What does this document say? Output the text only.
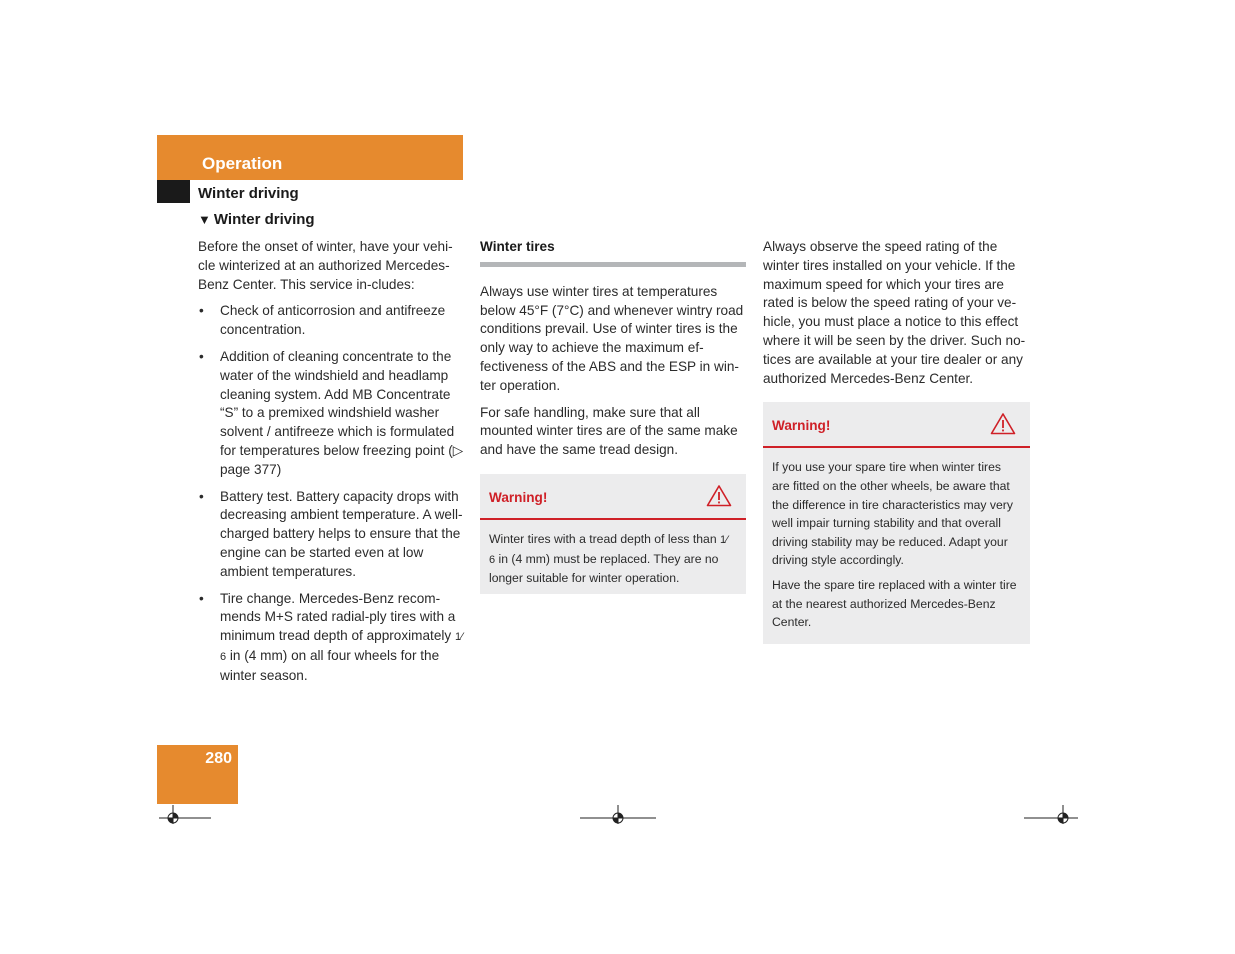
Operation
Winter driving
▼ Winter driving

Before the onset of winter, have your vehi-cle winterized at an authorized Mercedes-Benz Center. This service in-cludes:

• Check of anticorrosion and antifreeze concentration.
• Addition of cleaning concentrate to the water of the windshield and headlamp cleaning system. Add MB Concentrate “S” to a premixed windshield washer solvent / antifreeze which is formulated for temperatures below freezing point (▷ page 377)
• Battery test. Battery capacity drops with decreasing ambient temperature. A well-charged battery helps to ensure that the engine can be started even at low ambient temperatures.
• Tire change. Mercedes-Benz recom-mends M+S rated radial-ply tires with a minimum tread depth of approximately 1⁄ 6 in (4 mm) on all four wheels for the winter season.
Winter tires

Always use winter tires at temperatures below 45°F (7°C) and whenever wintry road conditions prevail. Use of winter tires is the only way to achieve the maximum ef-fectiveness of the ABS and the ESP in win-ter operation.

For safe handling, make sure that all mounted winter tires are of the same make and have the same tread design.

Warning!
Winter tires with a tread depth of less than 1⁄ 6 in (4 mm) must be replaced. They are no longer suitable for winter operation.

Always observe the speed rating of the winter tires installed on your vehicle. If the maximum speed for which your tires are rated is below the speed rating of your ve-hicle, you must place a notice to this effect where it will be seen by the driver. Such no-tices are available at your tire dealer or any authorized Mercedes-Benz Center.

Warning!

If you use your spare tire when winter tires are fitted on the other wheels, be aware that the difference in tire characteristics may very well impair turning stability and that overall driving stability may be reduced. Adapt your driving style accordingly.

Have the spare tire replaced with a winter tire at the nearest authorized Mercedes-Benz Center.

280
